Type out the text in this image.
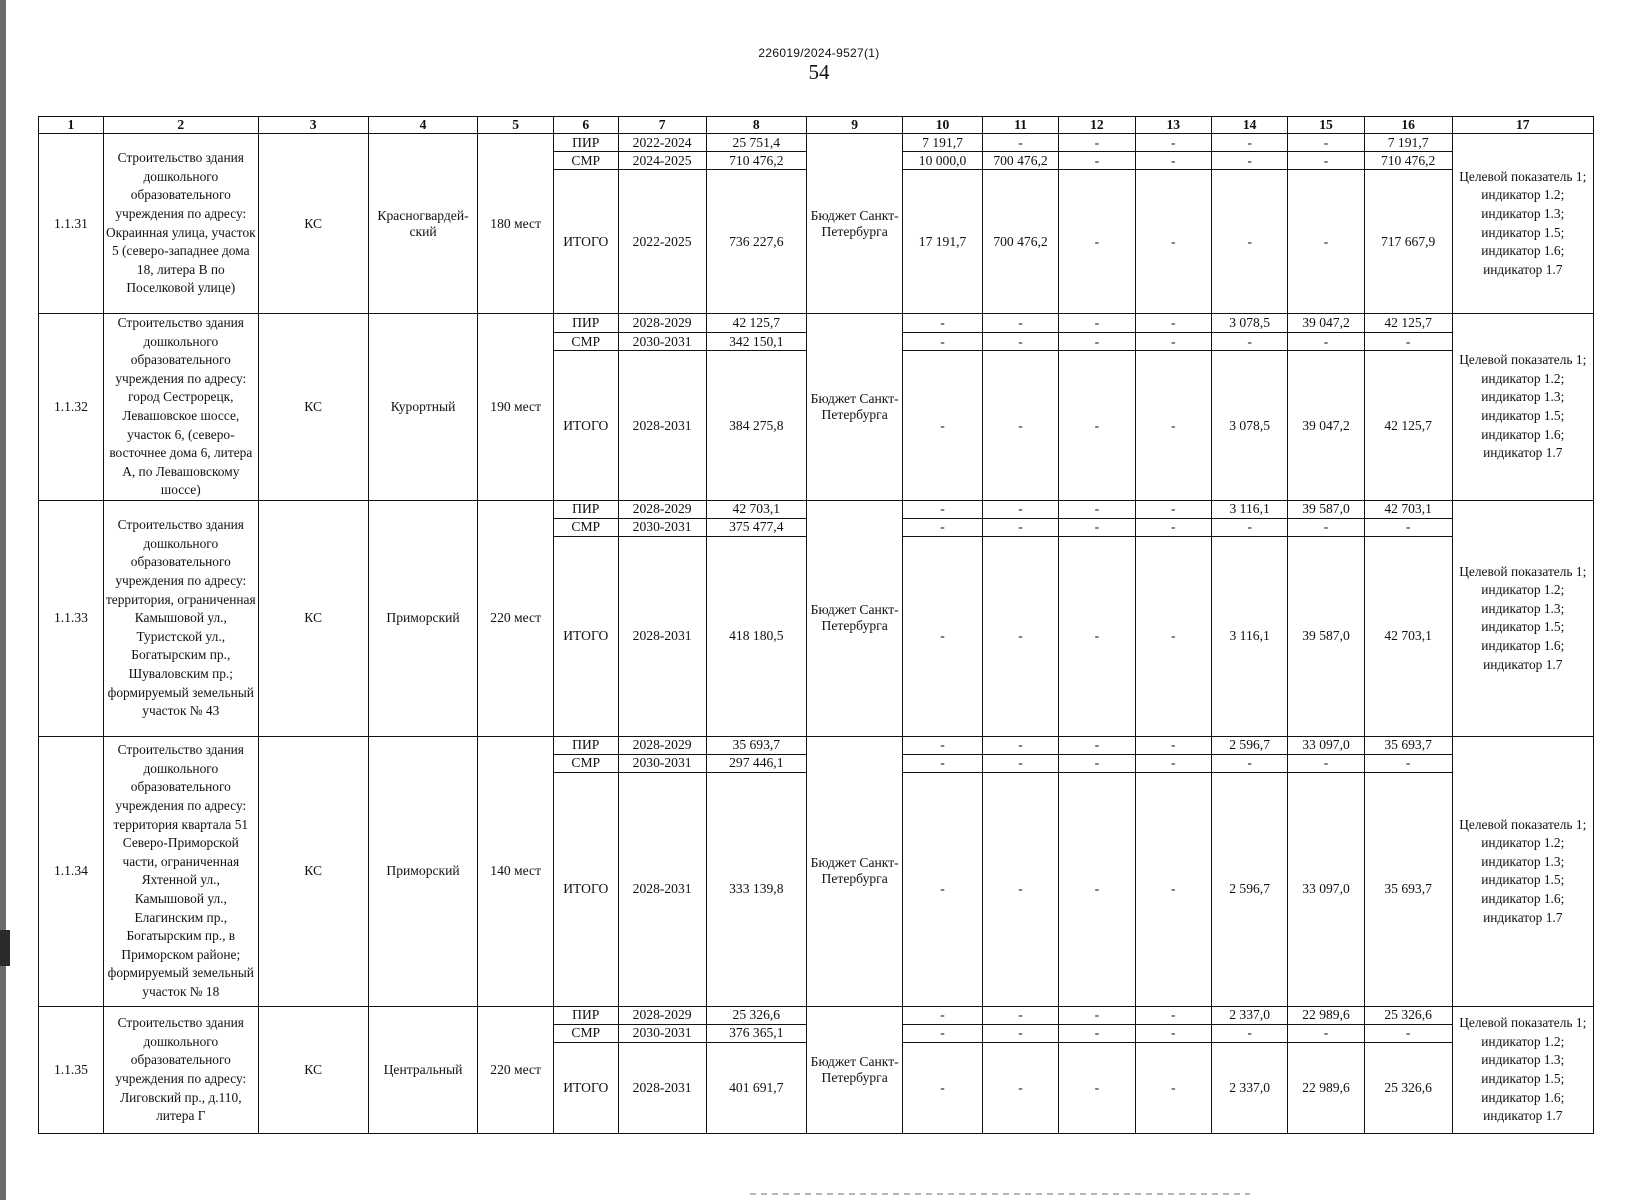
226019/2024-9527(1)
54
1	2	3	4	5	6	7	8	9	10	11	12	13	14	15	16	17
1.1.31	Строительство здания дошкольного образовательного учреждения по адресу: Окраинная улица, участок 5 (северо-западнее дома 18, литера В по Поселковой улице)	КС	Красногвардей-ский	180 мест	ПИР	2022-2024	25 751,4	Бюджет Санкт-Петербурга	7 191,7	-	-	-	-	-	7 191,7	Целевой показатель 1; индикатор 1.2; индикатор 1.3; индикатор 1.5; индикатор 1.6; индикатор 1.7
					СМР	2024-2025	710 476,2		10 000,0	700 476,2	-	-	-	-	710 476,2	
					ИТОГО	2022-2025	736 227,6		17 191,7	700 476,2	-	-	-	-	717 667,9	
1.1.32	Строительство здания дошкольного образовательного учреждения по адресу: город Сестрорецк, Левашовское шоссе, участок 6, (северо-восточнее дома 6, литера А, по Левашовскому шоссе)	КС	Курортный	190 мест	ПИР	2028-2029	42 125,7	Бюджет Санкт-Петербурга	-	-	-	-	3 078,5	39 047,2	42 125,7	Целевой показатель 1; индикатор 1.2; индикатор 1.3; индикатор 1.5; индикатор 1.6; индикатор 1.7
					СМР	2030-2031	342 150,1		-	-	-	-	-	-	-	
					ИТОГО	2028-2031	384 275,8		-	-	-	-	3 078,5	39 047,2	42 125,7	
1.1.33	Строительство здания дошкольного образовательного учреждения по адресу: территория, ограниченная Камышовой ул., Туристской ул., Богатырским пр., Шуваловским пр.; формируемый земельный участок № 43	КС	Приморский	220 мест	ПИР	2028-2029	42 703,1	Бюджет Санкт-Петербурга	-	-	-	-	3 116,1	39 587,0	42 703,1	Целевой показатель 1; индикатор 1.2; индикатор 1.3; индикатор 1.5; индикатор 1.6; индикатор 1.7
					СМР	2030-2031	375 477,4		-	-	-	-	-	-	-	
					ИТОГО	2028-2031	418 180,5		-	-	-	-	3 116,1	39 587,0	42 703,1	
1.1.34	Строительство здания дошкольного образовательного учреждения по адресу: территория квартала 51 Северо-Приморской части, ограниченная Яхтенной ул., Камышовой ул., Елагинским пр., Богатырским пр., в Приморском районе; формируемый земельный участок № 18	КС	Приморский	140 мест	ПИР	2028-2029	35 693,7	Бюджет Санкт-Петербурга	-	-	-	-	2 596,7	33 097,0	35 693,7	Целевой показатель 1; индикатор 1.2; индикатор 1.3; индикатор 1.5; индикатор 1.6; индикатор 1.7
					СМР	2030-2031	297 446,1		-	-	-	-	-	-	-	
					ИТОГО	2028-2031	333 139,8		-	-	-	-	2 596,7	33 097,0	35 693,7	
1.1.35	Строительство здания дошкольного образовательного учреждения по адресу: Лиговский пр., д.110, литера Г	КС	Центральный	220 мест	ПИР	2028-2029	25 326,6	Бюджет Санкт-Петербурга	-	-	-	-	2 337,0	22 989,6	25 326,6	Целевой показатель 1; индикатор 1.2; индикатор 1.3; индикатор 1.5; индикатор 1.6; индикатор 1.7
					СМР	2030-2031	376 365,1		-	-	-	-	-	-	-	
					ИТОГО	2028-2031	401 691,7		-	-	-	-	2 337,0	22 989,6	25 326,6	
